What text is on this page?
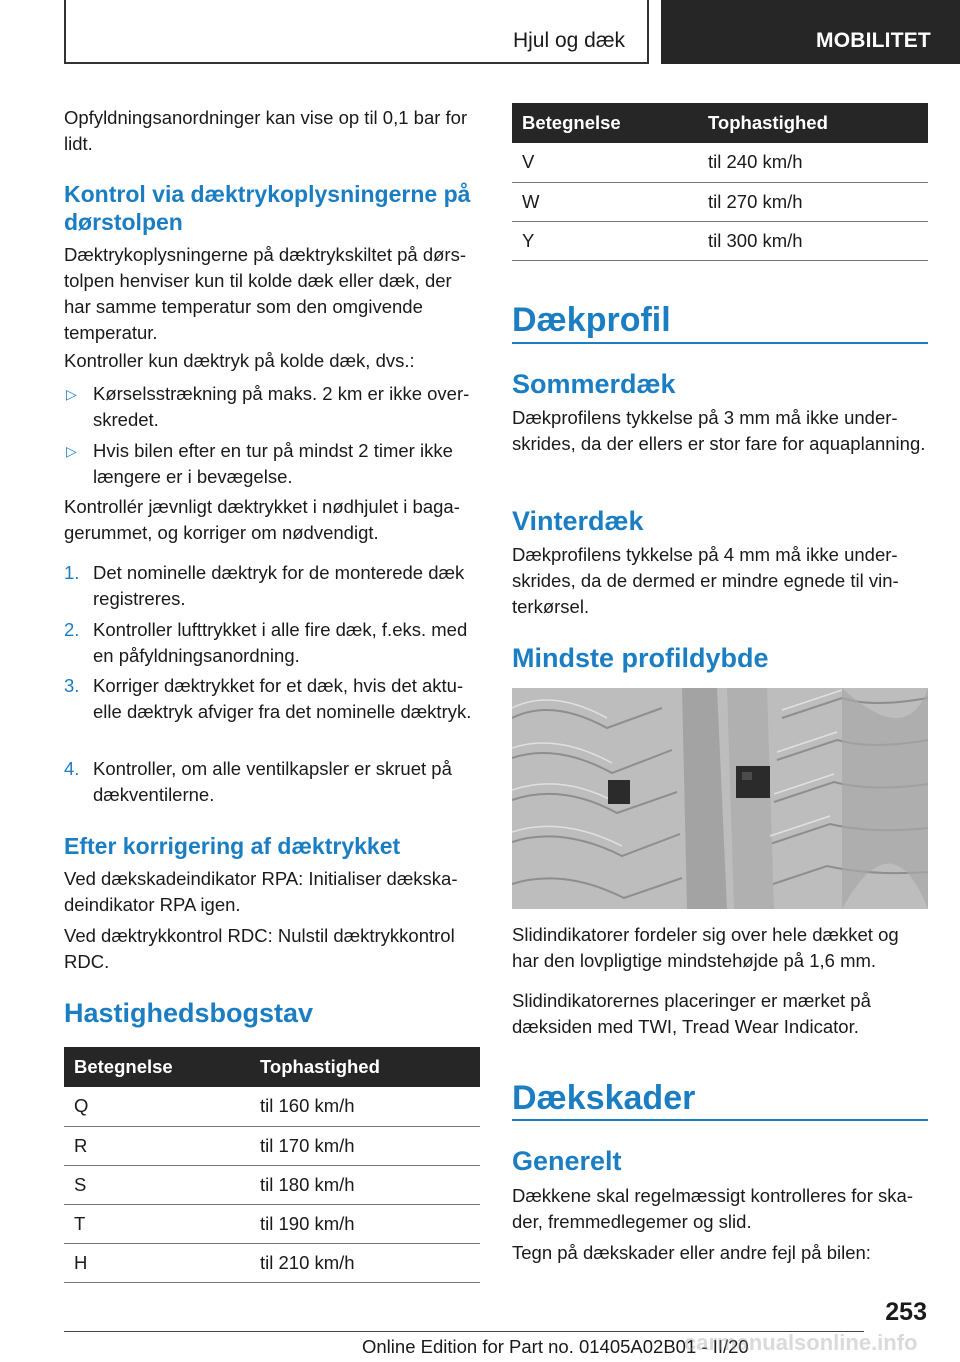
Hjul og dæk	MOBILITET

Opfyldningsanordninger kan vise op til 0,1 bar for lidt.

Kontrol via dæktrykoplysningerne på dørstolpen

Dæktrykoplysningerne på dæktrykskiltet på dørstolpen henviser kun til kolde dæk eller dæk, der har samme temperatur som den omgivende temperatur.

Kontroller kun dæktryk på kolde dæk, dvs.:

▷ Kørselsstrækning på maks. 2 km er ikke overskredet.
▷ Hvis bilen efter en tur på mindst 2 timer ikke længere er i bevægelse.

Kontrollér jævnligt dæktrykket i nødhjulet i bagagerummet, og korriger om nødvendigt.

1. Det nominelle dæktryk for de monterede dæk registreres.
2. Kontroller lufttrykket i alle fire dæk, f.eks. med en påfyldningsanordning.
3. Korriger dæktrykket for et dæk, hvis det aktuelle dæktryk afviger fra det nominelle dæktryk.
4. Kontroller, om alle ventilkapsler er skruet på dækventilerne.
Efter korrigering af dæktrykket

Ved dækskadeindikator RPA: Initialiser dækskadeindikator RPA igen.

Ved dæktrykkontrol RDC: Nulstil dæktrykkontrol RDC.

Hastighedsbogstav
Betegnelse	Tophastighed
Q	til 160 km/h
R	til 170 km/h
S	til 180 km/h
T	til 190 km/h
H	til 210 km/h
Betegnelse	Tophastighed
V	til 240 km/h
W	til 270 km/h
Y	til 300 km/h
Dækprofil
Sommerdæk

Dækprofilens tykkelse på 3 mm må ikke underskrides, da der ellers er stor fare for aquaplanning.

Vinterdæk

Dækprofilens tykkelse på 4 mm må ikke underskrides, da de dermed er mindre egnede til vinterkørsel.

Mindste profildybde

Slidindikatorer fordeler sig over hele dækket og har den lovpligtige mindstehøjde på 1,6 mm.

Slidindikatorernes placeringer er mærket på dæksiden med TWI, Tread Wear Indicator.

Dækskader
Generelt

Dækkene skal regelmæssigt kontrolleres for skader, fremmedlegemer og slid.

Tegn på dækskader eller andre fejl på bilen:

253
Online Edition for Part no. 01405A02B01 - II/20
carmanualsonline.info
